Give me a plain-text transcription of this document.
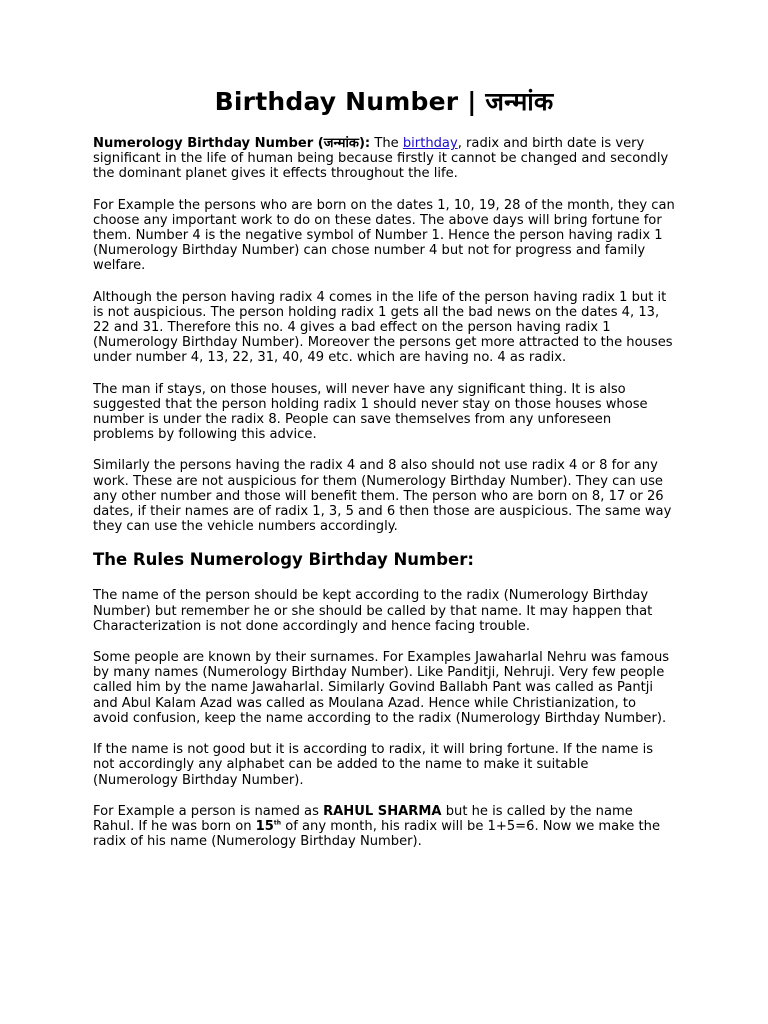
Birthday Number | जन्मांक

Numerology Birthday Number (जन्मांक): The birthday, radix and birth date is very significant in the life of human being because firstly it cannot be changed and secondly the dominant planet gives it effects throughout the life.

For Example the persons who are born on the dates 1, 10, 19, 28 of the month, they can choose any important work to do on these dates. The above days will bring fortune for them. Number 4 is the negative symbol of Number 1. Hence the person having radix 1 (Numerology Birthday Number) can chose number 4 but not for progress and family welfare.

Although the person having radix 4 comes in the life of the person having radix 1 but it is not auspicious. The person holding radix 1 gets all the bad news on the dates 4, 13, 22 and 31. Therefore this no. 4 gives a bad effect on the person having radix 1 (Numerology Birthday Number). Moreover the persons get more attracted to the houses under number 4, 13, 22, 31, 40, 49 etc. which are having no. 4 as radix.

The man if stays, on those houses, will never have any significant thing. It is also suggested that the person holding radix 1 should never stay on those houses whose number is under the radix 8. People can save themselves from any unforeseen problems by following this advice.

Similarly the persons having the radix 4 and 8 also should not use radix 4 or 8 for any work. These are not auspicious for them (Numerology Birthday Number). They can use any other number and those will benefit them. The person who are born on 8, 17 or 26 dates, if their names are of radix 1, 3, 5 and 6 then those are auspicious. The same way they can use the vehicle numbers accordingly.

The Rules Numerology Birthday Number:

The name of the person should be kept according to the radix (Numerology Birthday Number) but remember he or she should be called by that name. It may happen that Characterization is not done accordingly and hence facing trouble.

Some people are known by their surnames. For Examples Jawaharlal Nehru was famous by many names (Numerology Birthday Number). Like Panditji, Nehruji. Very few people called him by the name Jawaharlal. Similarly Govind Ballabh Pant was called as Pantji and Abul Kalam Azad was called as Moulana Azad. Hence while Christianization, to avoid confusion, keep the name according to the radix (Numerology Birthday Number).

If the name is not good but it is according to radix, it will bring fortune. If the name is not accordingly any alphabet can be added to the name to make it suitable (Numerology Birthday Number).

For Example a person is named as RAHUL SHARMA but he is called by the name Rahul. If he was born on 15th of any month, his radix will be 1+5=6. Now we make the radix of his name (Numerology Birthday Number).
